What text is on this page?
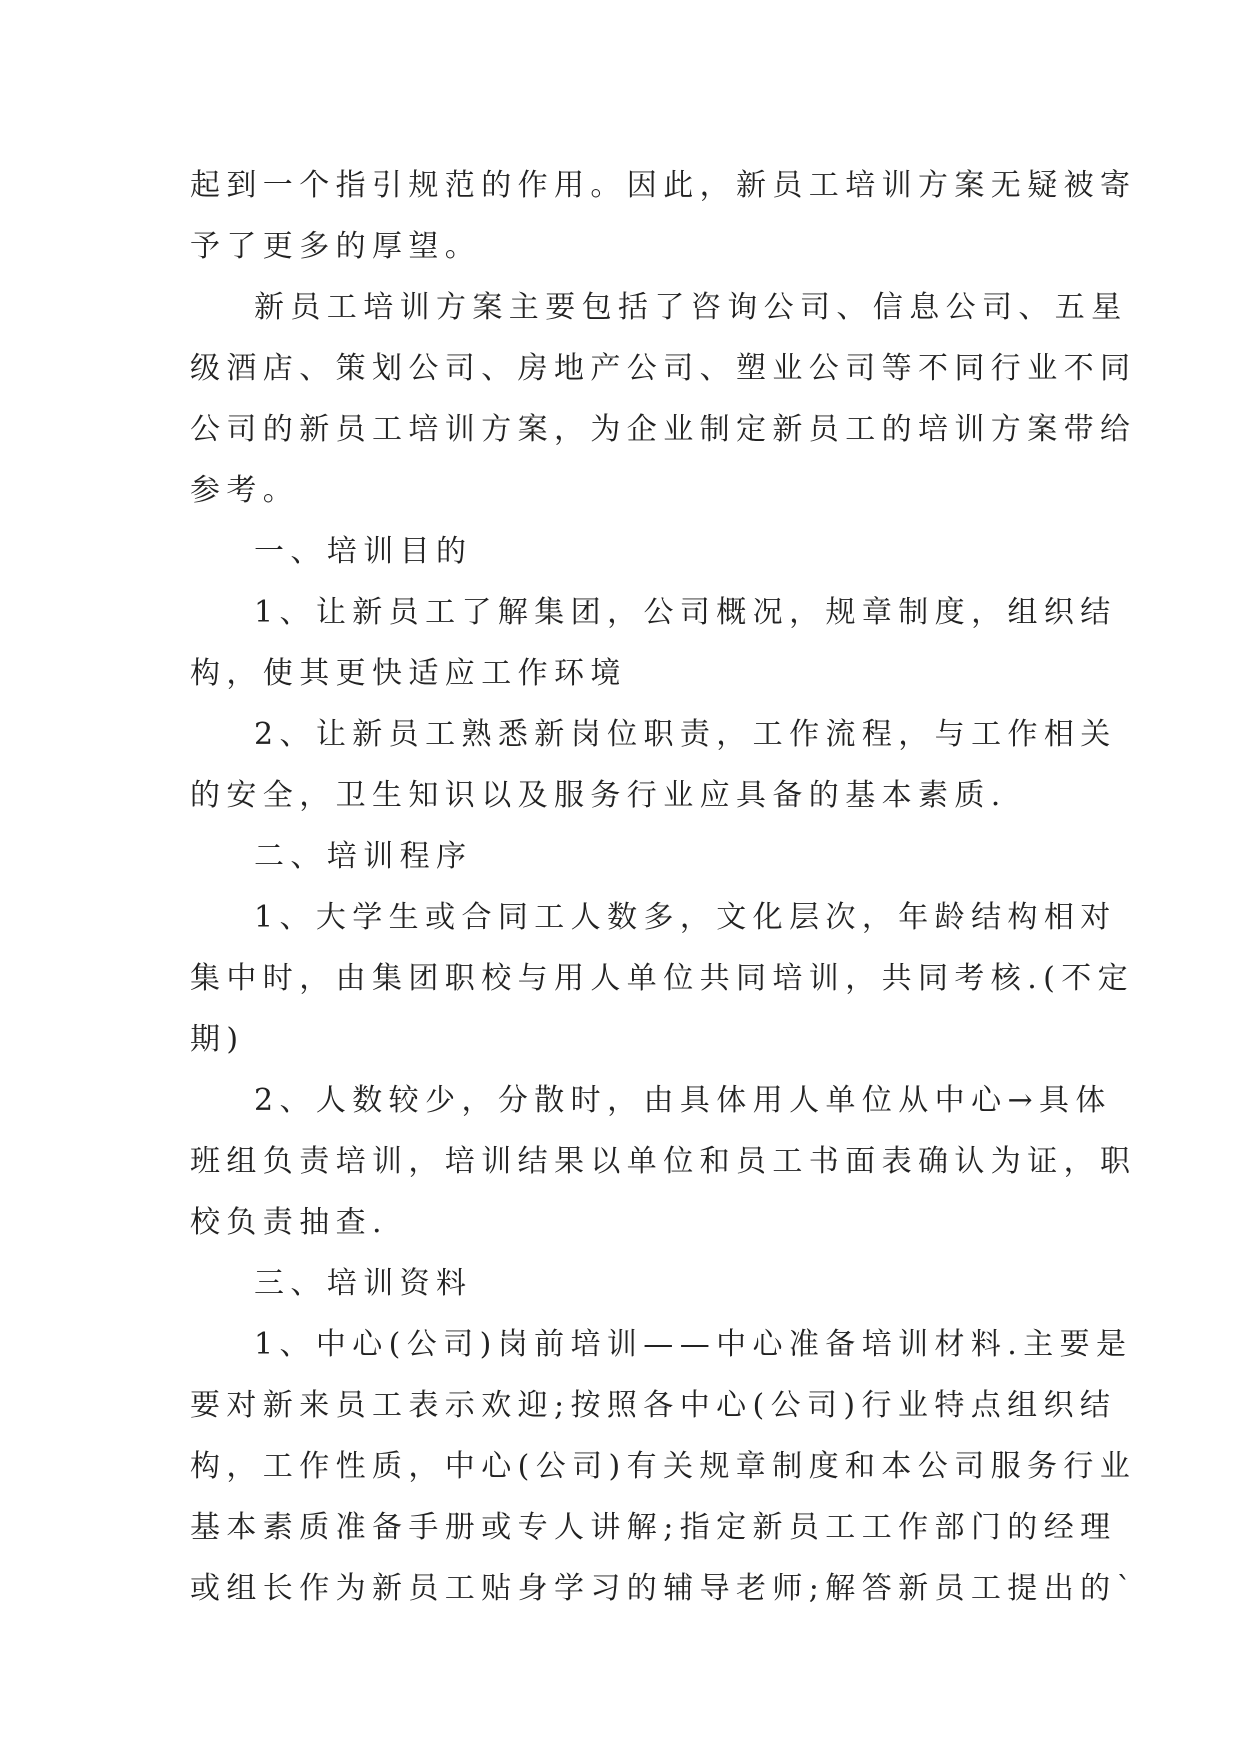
起到一个指引规范的作用。因此，新员工培训方案无疑被寄
予了更多的厚望。

新员工培训方案主要包括了咨询公司、信息公司、五星
级酒店、策划公司、房地产公司、塑业公司等不同行业不同
公司的新员工培训方案，为企业制定新员工的培训方案带给
参考。

一、培训目的

1、让新员工了解集团，公司概况，规章制度，组织结
构，使其更快适应工作环境

2、让新员工熟悉新岗位职责，工作流程，与工作相关
的安全，卫生知识以及服务行业应具备的基本素质.

二、培训程序

1、大学生或合同工人数多，文化层次，年龄结构相对
集中时，由集团职校与用人单位共同培训，共同考核.(不定
期)

2、人数较少，分散时，由具体用人单位从中心→具体
班组负责培训，培训结果以单位和员工书面表确认为证，职
校负责抽查.

三、培训资料

1、中心(公司)岗前培训——中心准备培训材料.主要是
要对新来员工表示欢迎;按照各中心(公司)行业特点组织结
构，工作性质，中心(公司)有关规章制度和本公司服务行业
基本素质准备手册或专人讲解;指定新员工工作部门的经理
或组长作为新员工贴身学习的辅导老师;解答新员工提出的`
